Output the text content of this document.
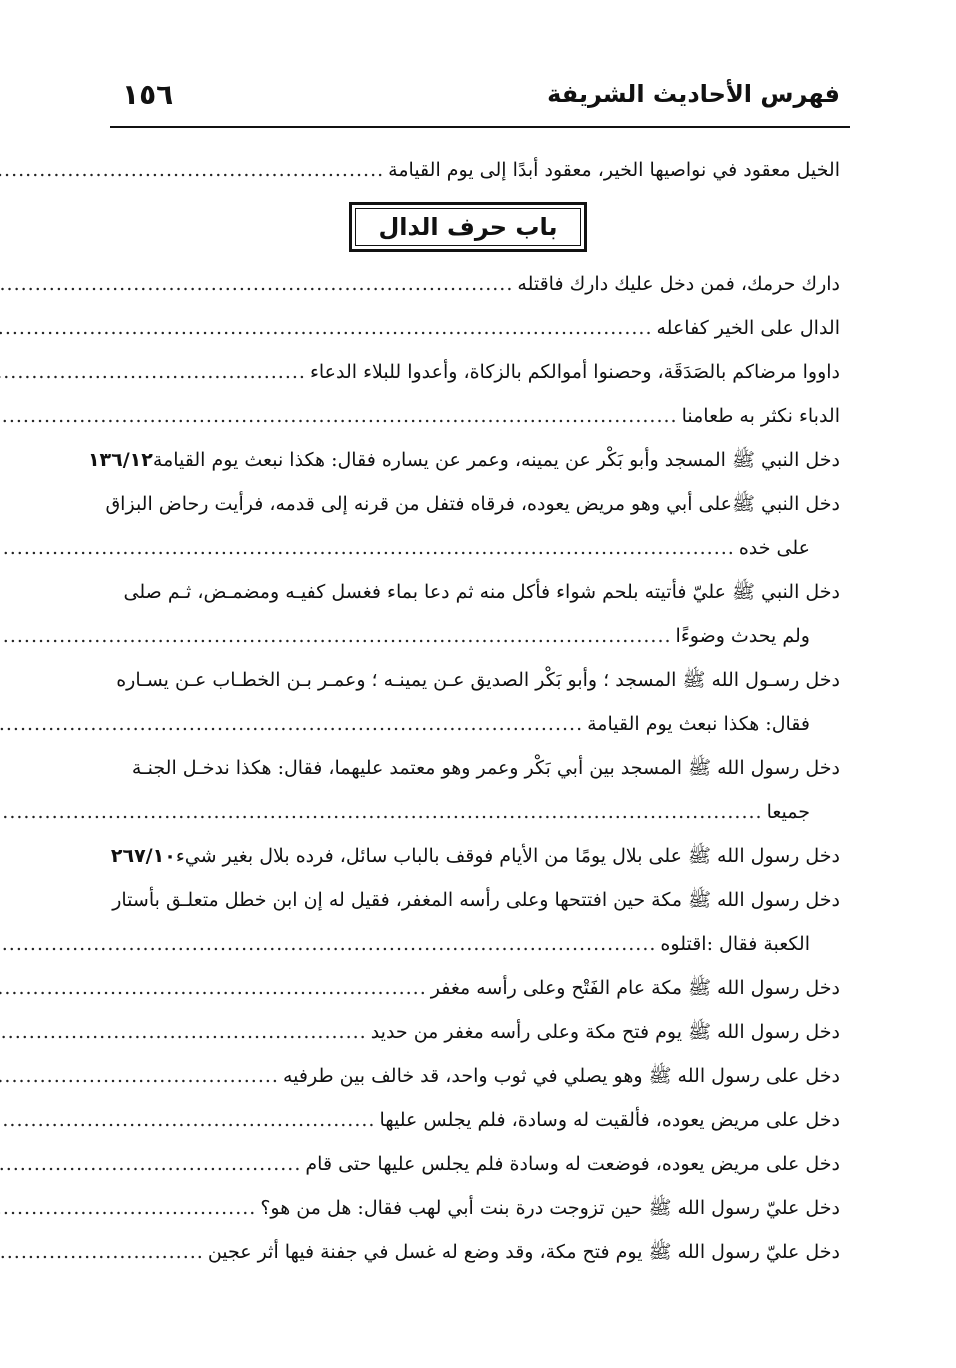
١٥٦	فهرس الأحاديث الشريفة
الخيل معقود في نواصيها الخير، معقود أبدًا إلى يوم القيامة
.....
باب حرف الدال
دارك حرمك، فمن دخل عليك دارك فاقتله
.....
الدال على الخير كفاعله
.....
داووا مرضاكم بالصَدَقَة، وحصنوا أموالكم بالزكاة، وأعدوا للبلاء الدعاء
.....
الدباء نكثر به طعامنا
.....
دخل النبي ﷺ المسجد وأبو بَكْر عن يمينه، وعمر عن يساره فقال: هكذا نبعث يوم القيامة
١٣٦/١٢
دخل النبي ﷺعلى أبي وهو مريض يعوده، فرقاه فتفل من قرنه إلى قدمه، فرأيت رحاض البزاق
على خده
.....
دخل النبي ﷺ عليّ فأتيته بلحم شواء فأكل منه ثم دعا بماء فغسل كفيـه ومضمـض، ثـم صلى
ولم يحدث وضوءًا
.....
دخل رسـول الله ﷺ المسجد ؛ وأبو بَكْر الصديق عـن يمينـه ؛ وعمـر بـن الخطـاب عـن يسـاره
فقال: هكذا نبعث يوم القيامة
.....
دخل رسول الله ﷺ المسجد بين أبي بَكْر وعمر وهو معتمد عليهما، فقال: هكذا ندخـل الجنـة
جميعا
.....
دخل رسول الله ﷺ على بلال يومًا من الأيام فوقف بالباب سائل، فرده بلال بغير شيء
٢٦٧/١٠
دخل رسول الله ﷺ مكة حين افتتحها وعلى رأسه المغفر، فقيل له إن ابن خطل متعلـق بأستار
الكعبة فقال :اقتلوه
.....
دخل رسول الله ﷺ مكة عام الفَتْح وعلى رأسه مغفر
.....
دخل رسول الله ﷺ يوم فتح مكة وعلى رأسه مغفر من حديد
.....
دخل على رسول الله ﷺ وهو يصلي في ثوب واحد، قد خالف بين طرفيه
.....
دخل على مريض يعوده، فألقيت له وسادة، فلم يجلس عليها
.....
دخل على مريض يعوده، فوضعت له وسادة فلم يجلس عليها حتى قام
.....
دخل عليّ رسول الله ﷺ حين تزوجت درة بنت أبي لهب فقال: هل من هو؟
.....
دخل عليّ رسول الله ﷺ يوم فتح مكة، وقد وضع له غسل في جفنة فيها أثر عجين
.....
